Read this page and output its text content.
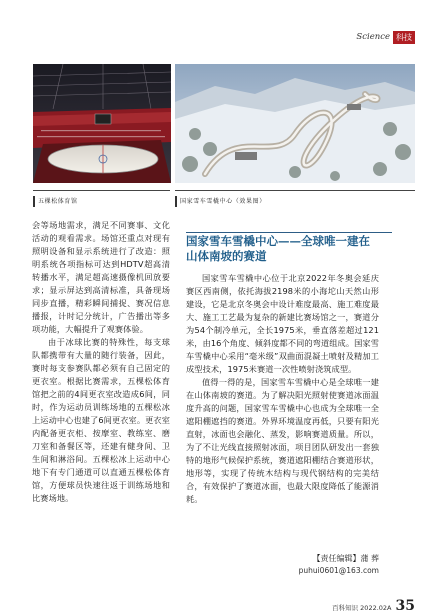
Science 科技
五棵松体育馆	国家雪车雪橇中心（效果图）

会等场地需求，满足不同赛事、文化活动的观看需求。场馆还重点对现有照明设备和显示系统进行了改造：照明系统各项指标可达到HDTV超高清转播水平，满足超高速摄像机回放要求；显示屏达到高清标准，具备现场同步直播，精彩瞬间捕捉、赛况信息播报，计时记分统计，广告播出等多项功能，大幅提升了观赛体验。

由于冰球比赛的特殊性，每支球队都携带有大量的随行装备，因此，赛时每支参赛队都必须有自己固定的更衣室。根据比赛需求，五棵松体育馆把之前的4间更衣室改造成6间，同时，作为运动员训练场地的五棵松冰上运动中心也建了6间更衣室。更衣室内配备更衣柜、按摩室、教练室、磨刀室和备餐区等，还建有健身间、卫生间和淋浴间。五棵松冰上运动中心地下有专门通道可以直通五棵松体育馆，方便球员快速往返于训练场地和比赛场地。

国家雪车雪橇中心——全球唯一建在山体南坡的赛道

国家雪车雪橇中心位于北京2022年冬奥会延庆赛区西南侧，依托海拔2198米的小海坨山天然山形建设，它是北京冬奥会中设计难度最高、施工难度最大、施工工艺最为复杂的新建比赛场馆之一，赛道分为54个制冷单元，全长1975米，垂直落差超过121米，由16个角度、倾斜度都不同的弯道组成。国家雪车雪橇中心采用“毫米级”双曲面混凝土喷射及精加工成型技术，1975米赛道一次性喷射浇筑成型。

值得一得的是，国家雪车雪橇中心是全球唯一建在山体南坡的赛道。为了解决阳光照射使赛道冰面温度升高的问题，国家雪车雪橇中心也成为全球唯一全遮阳棚遮挡的赛道。外界环境温度再低，只要有阳光直射，冰面也会融化、蒸发，影响赛道质量。所以，为了不让光线直接照射冰面，项目团队研发出一套独特的地形气候保护系统，赛道遮阳棚结合赛道形状，地形等，实现了传统木结构与现代钢结构的完美结合，有效保护了赛道冰面，也最大限度降低了能源消耗。

【责任编辑】蒲 葬
puhui0601@163.com
百科知识 2022.02A 35
